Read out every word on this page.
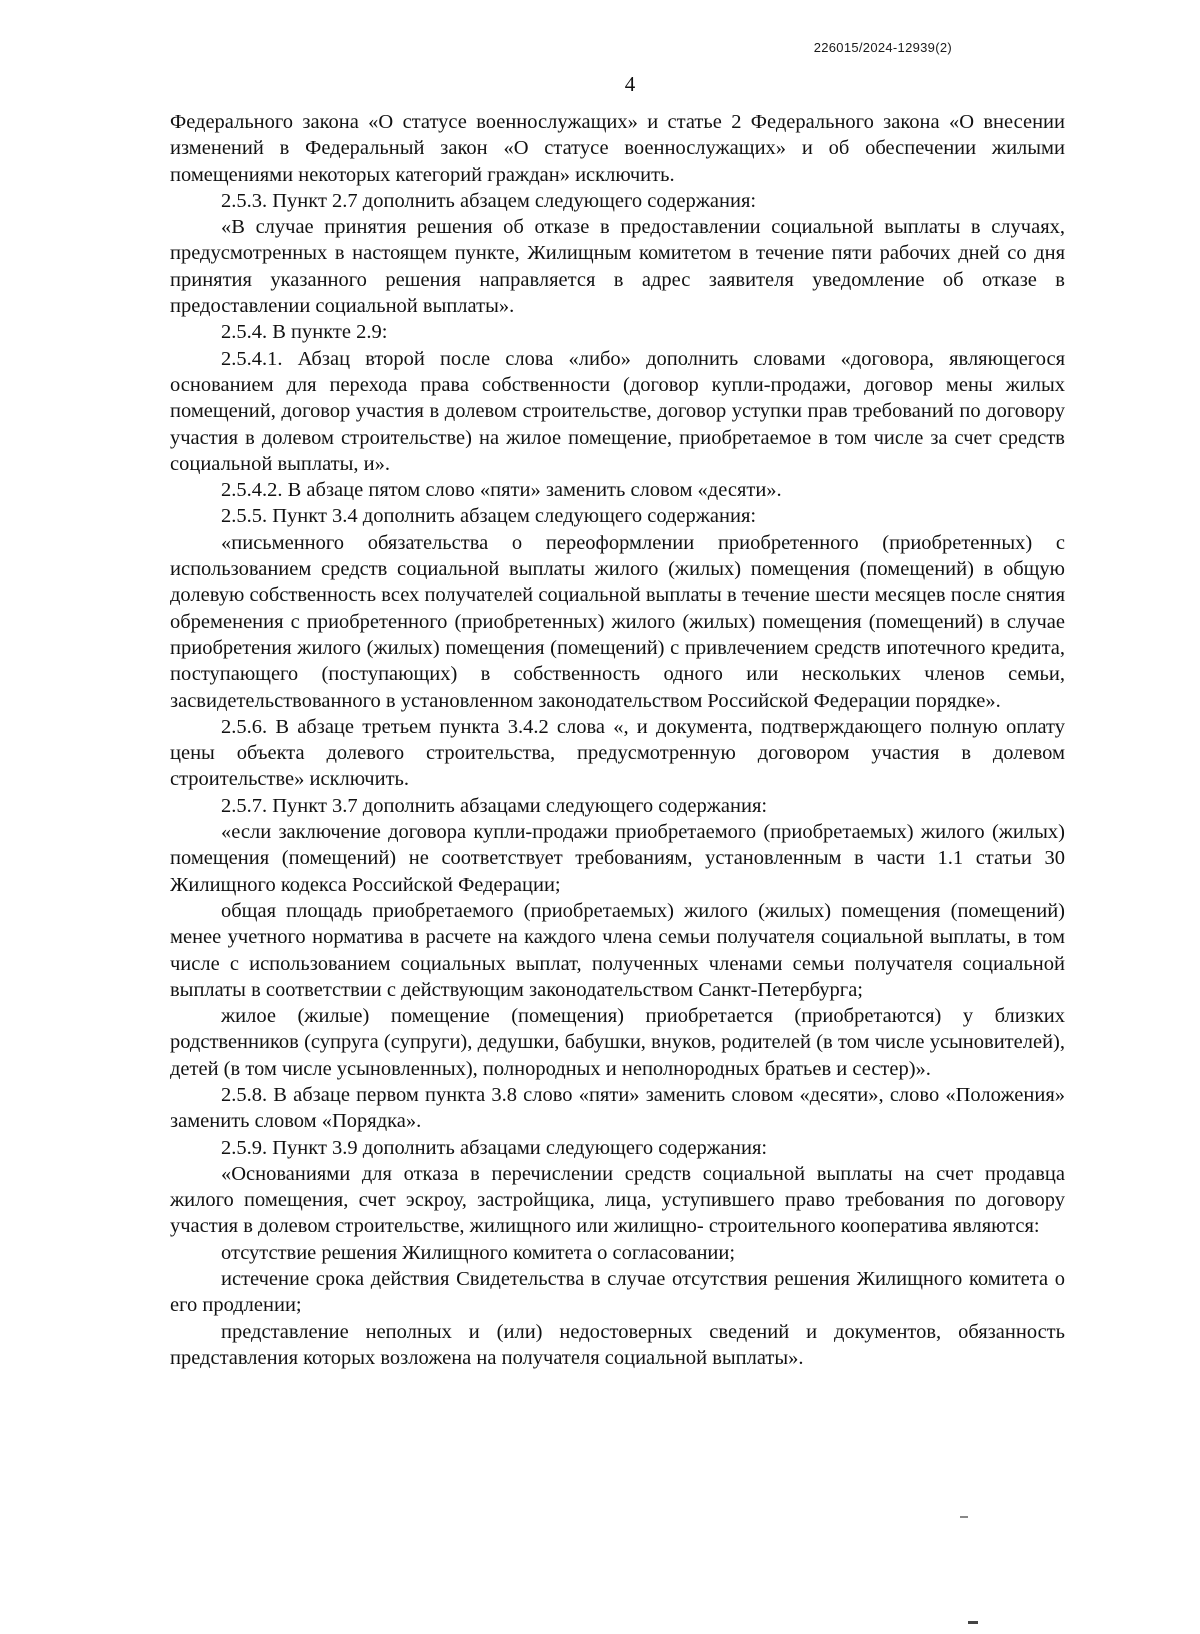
226015/2024-12939(2)
4

Федерального закона «О статусе военнослужащих» и статье 2 Федерального закона «О внесении изменений в Федеральный закон «О статусе военнослужащих» и об обеспечении жилыми помещениями некоторых категорий граждан» исключить.

2.5.3. Пункт 2.7 дополнить абзацем следующего содержания:

«В случае принятия решения об отказе в предоставлении социальной выплаты в случаях, предусмотренных в настоящем пункте, Жилищным комитетом в течение пяти рабочих дней со дня принятия указанного решения направляется в адрес заявителя уведомление об отказе в предоставлении социальной выплаты».

2.5.4. В пункте 2.9:

2.5.4.1. Абзац второй после слова «либо» дополнить словами «договора, являющегося основанием для перехода права собственности (договор купли-продажи, договор мены жилых помещений, договор участия в долевом строительстве, договор уступки прав требований по договору участия в долевом строительстве) на жилое помещение, приобретаемое в том числе за счет средств социальной выплаты, и».

2.5.4.2. В абзаце пятом слово «пяти» заменить словом «десяти».

2.5.5. Пункт 3.4 дополнить абзацем следующего содержания:

«письменного обязательства о переоформлении приобретенного (приобретенных) с использованием средств социальной выплаты жилого (жилых) помещения (помещений) в общую долевую собственность всех получателей социальной выплаты в течение шести месяцев после снятия обременения с приобретенного (приобретенных) жилого (жилых) помещения (помещений) в случае приобретения жилого (жилых) помещения (помещений) с привлечением средств ипотечного кредита, поступающего (поступающих) в собственность одного или нескольких членов семьи, засвидетельствованного в установленном законодательством Российской Федерации порядке».

2.5.6. В абзаце третьем пункта 3.4.2 слова «, и документа, подтверждающего полную оплату цены объекта долевого строительства, предусмотренную договором участия в долевом строительстве» исключить.

2.5.7. Пункт 3.7 дополнить абзацами следующего содержания:

«если заключение договора купли-продажи приобретаемого (приобретаемых) жилого (жилых) помещения (помещений) не соответствует требованиям, установленным в части 1.1 статьи 30 Жилищного кодекса Российской Федерации;

общая площадь приобретаемого (приобретаемых) жилого (жилых) помещения (помещений) менее учетного норматива в расчете на каждого члена семьи получателя социальной выплаты, в том числе с использованием социальных выплат, полученных членами семьи получателя социальной выплаты в соответствии с действующим законодательством Санкт-Петербурга;

жилое (жилые) помещение (помещения) приобретается (приобретаются) у близких родственников (супруга (супруги), дедушки, бабушки, внуков, родителей (в том числе усыновителей), детей (в том числе усыновленных), полнородных и неполнородных братьев и сестер)».

2.5.8. В абзаце первом пункта 3.8 слово «пяти» заменить словом «десяти», слово «Положения» заменить словом «Порядка».

2.5.9. Пункт 3.9 дополнить абзацами следующего содержания:

«Основаниями для отказа в перечислении средств социальной выплаты на счет продавца жилого помещения, счет эскроу, застройщика, лица, уступившего право требования по договору участия в долевом строительстве, жилищного или жилищно- строительного кооператива являются:

отсутствие решения Жилищного комитета о согласовании;

истечение срока действия Свидетельства в случае отсутствия решения Жилищного комитета о его продлении;

представление неполных и (или) недостоверных сведений и документов, обязанность представления которых возложена на получателя социальной выплаты».
